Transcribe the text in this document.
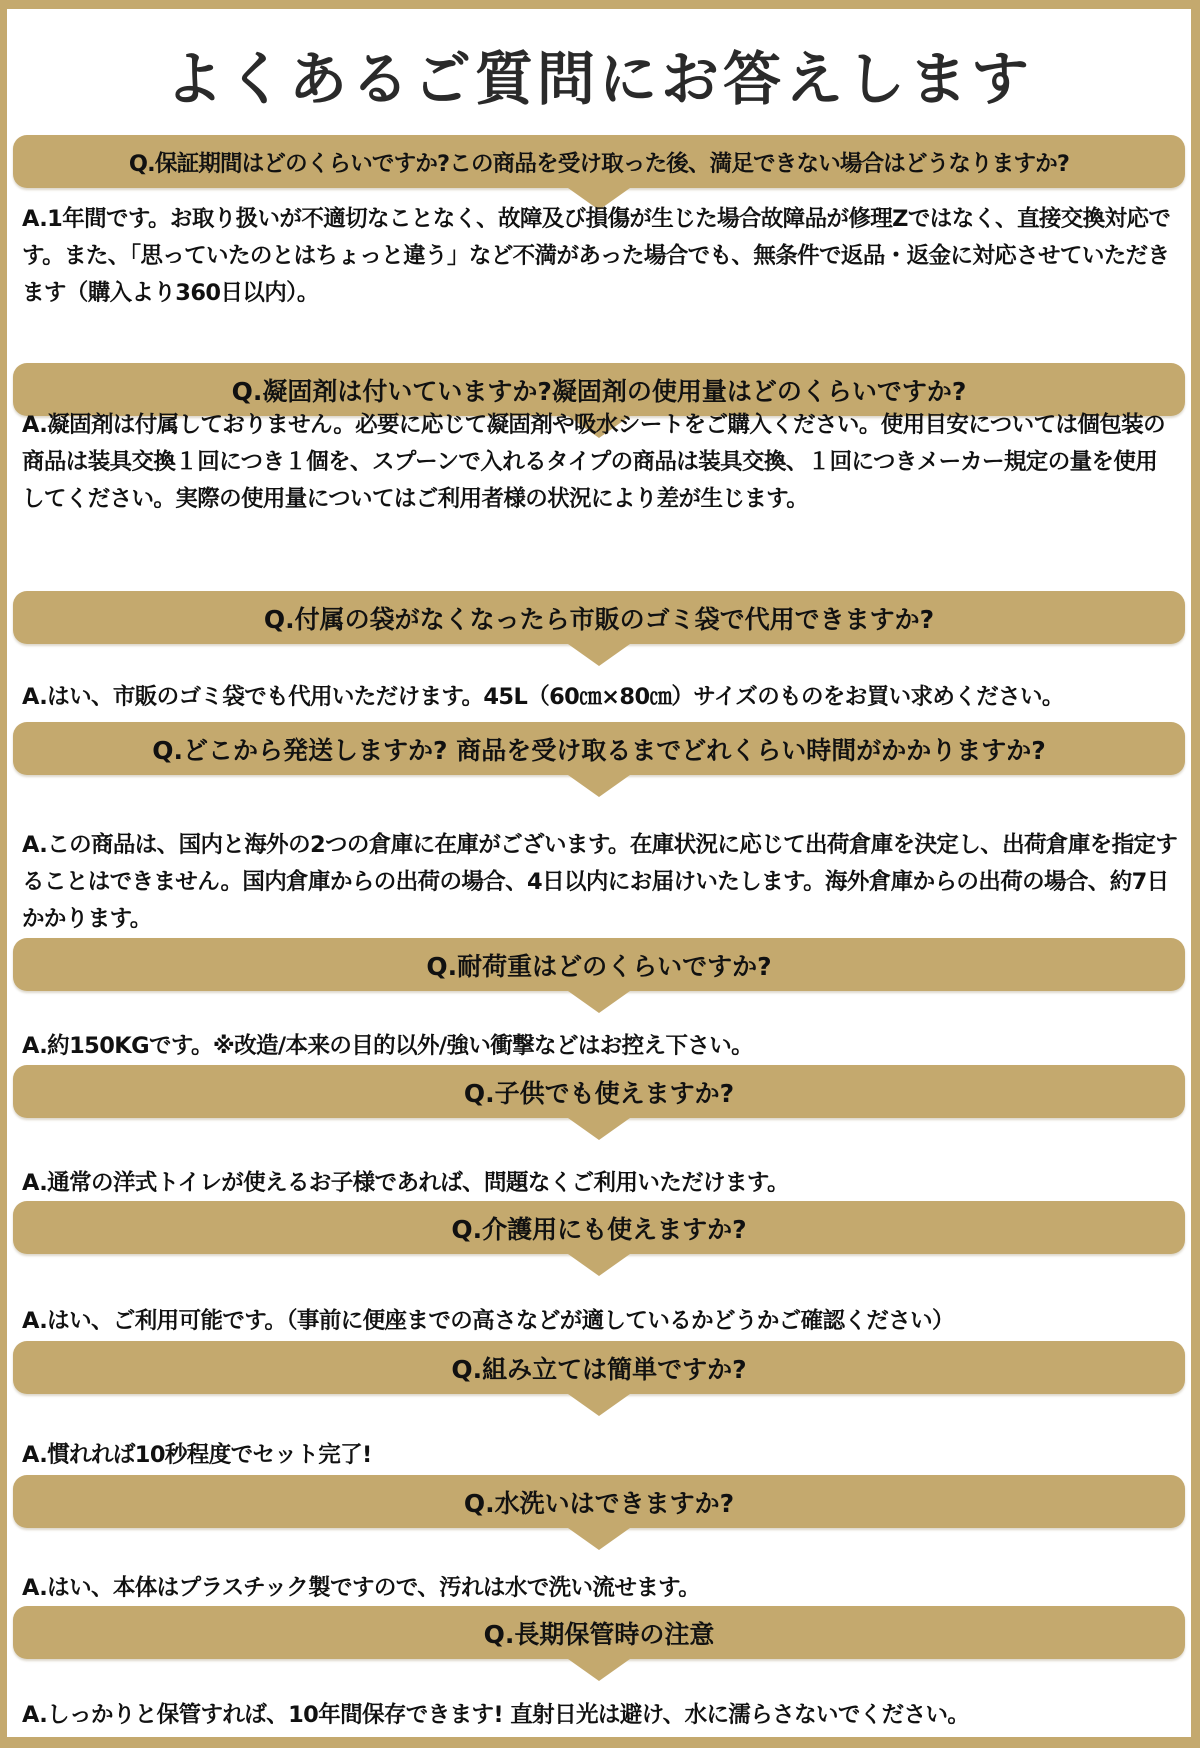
よくあるご質問にお答えします
Q.保証期間はどのくらいですか?この商品を受け取った後、満足できない場合はどうなりますか?
A.1年間です。お取り扱いが不適切なことなく、故障及び損傷が生じた場合故障品が修理Zではなく、直接交換対応です。また、「思っていたのとはちょっと違う」など不満があった場合でも、無条件で返品・返金に対応させていただきます（購入より360日以内）。
Q.凝固剤は付いていますか?凝固剤の使用量はどのくらいですか?
A.凝固剤は付属しておりません。必要に応じて凝固剤や吸水シートをご購入ください。使用目安については個包装の商品は装具交換１回につき１個を、スプーンで入れるタイプの商品は装具交換、１回につきメーカー規定の量を使用してください。実際の使用量についてはご利用者様の状況により差が生じます。
Q.付属の袋がなくなったら市販のゴミ袋で代用できますか?
A.はい、市販のゴミ袋でも代用いただけます。45L（60㎝×80㎝）サイズのものをお買い求めください。
Q.どこから発送しますか? 商品を受け取るまでどれくらい時間がかかりますか?
A.この商品は、国内と海外の2つの倉庫に在庫がございます。在庫状況に応じて出荷倉庫を決定し、出荷倉庫を指定することはできません。国内倉庫からの出荷の場合、4日以内にお届けいたします。海外倉庫からの出荷の場合、約7日かかります。
Q.耐荷重はどのくらいですか?
A.約150KGです。※改造/本来の目的以外/強い衝撃などはお控え下さい。
Q.子供でも使えますか?
A.通常の洋式トイレが使えるお子様であれば、問題なくご利用いただけます。
Q.介護用にも使えますか?
A.はい、ご利用可能です。（事前に便座までの高さなどが適しているかどうかご確認ください）
Q.組み立ては簡単ですか?
A.慣れれば10秒程度でセット完了!
Q.水洗いはできますか?
A.はい、本体はプラスチック製ですので、汚れは水で洗い流せます。
Q.長期保管時の注意
A.しっかりと保管すれば、10年間保存できます! 直射日光は避け、水に濡らさないでください。
